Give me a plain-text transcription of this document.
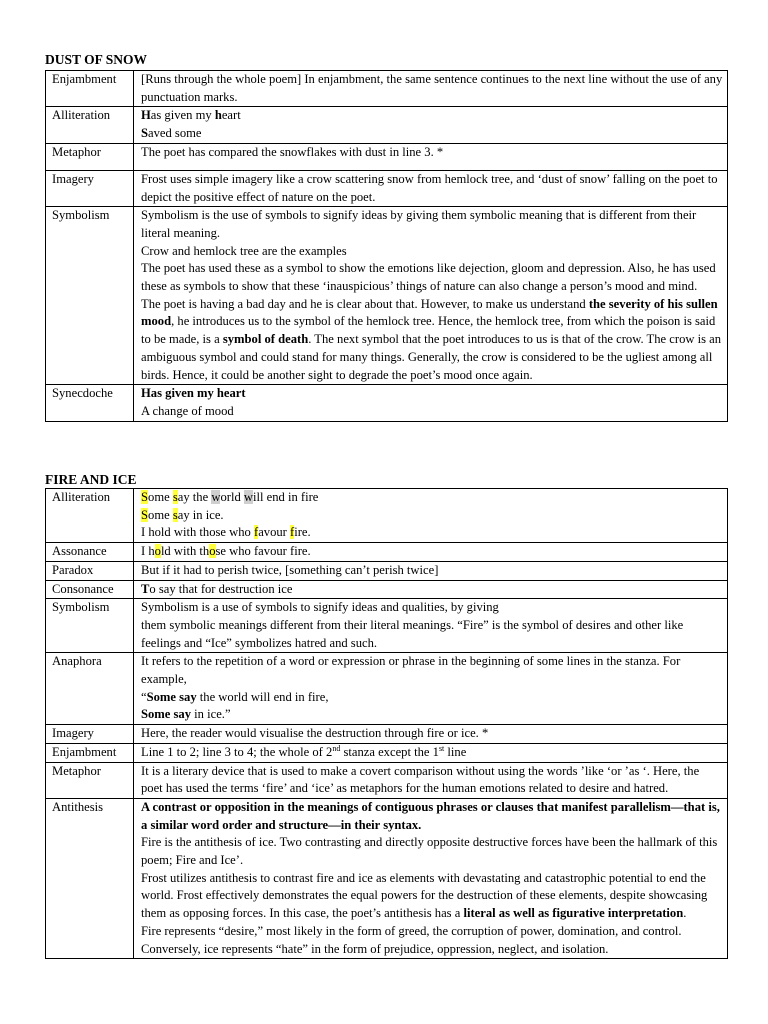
DUST OF SNOW
Enjambment	[Runs through the whole poem] In enjambment, the same sentence continues to the next line without the use of any punctuation marks.
Alliteration	Has given my heart
Saved some

Metaphor	The poet has compared the snowflakes with dust in line 3. *
Imagery	Frost uses simple imagery like a crow scattering snow from hemlock tree, and ‘dust of snow’ falling on the poet to depict the positive effect of nature on the poet.
Symbolism	Symbolism is the use of symbols to signify ideas by giving them symbolic meaning that is different from their literal meaning.
Crow and hemlock tree are the examples
The poet has used these as a symbol to show the emotions like dejection, gloom and depression. Also, he has used these as symbols to show that these ‘inauspicious’ things of nature can also change a person’s mood and mind.
The poet is having a bad day and he is clear about that. However, to make us understand the severity of his sullen mood, he introduces us to the symbol of the hemlock tree. Hence, the hemlock tree, from which the poison is said to be made, is a symbol of death. The next symbol that the poet introduces to us is that of the crow. The crow is an ambiguous symbol and could stand for many things. Generally, the crow is considered to be the ugliest among all birds. Hence, it could be another sight to degrade the poet’s mood once again.

Synecdoche	Has given my heart
A change of mood
FIRE AND ICE
Alliteration	Some say the world will end in fire
Some say in ice.
I hold with those who favour fire.

Assonance	I hold with those who favour fire.
Paradox	But if it had to perish twice, [something can’t perish twice]
Consonance	To say that for destruction ice
Symbolism	Symbolism is a use of symbols to signify ideas and qualities, by giving
them symbolic meanings different from their literal meanings. “Fire” is the symbol of desires and other like feelings and “Ice” symbolizes hatred and such.

Anaphora	It refers to the repetition of a word or expression or phrase in the beginning of some lines in the stanza. For example,
“Some say the world will end in fire,
Some say in ice.”

Imagery	Here, the reader would visualise the destruction through fire or ice. *
Enjambment	Line 1 to 2; line 3 to 4; the whole of 2nd stanza except the 1st line
Metaphor	It is a literary device that is used to make a covert comparison without using the words ’like ‘or ’as ‘. Here, the poet has used the terms ‘fire’ and ‘ice’ as metaphors for the human emotions related to desire and hatred.
Antithesis	A contrast or opposition in the meanings of contiguous phrases or clauses that manifest parallelism—that is, a similar word order and structure—in their syntax.
Fire is the antithesis of ice. Two contrasting and directly opposite destructive forces have been the hallmark of this poem; Fire and Ice’.
Frost utilizes antithesis to contrast fire and ice as elements with devastating and catastrophic potential to end the world. Frost effectively demonstrates the equal powers for the destruction of these elements, despite showcasing them as opposing forces. In this case, the poet’s antithesis has a literal as well as figurative interpretation.
Fire represents “desire,” most likely in the form of greed, the corruption of power, domination, and control. Conversely, ice represents “hate” in the form of prejudice, oppression, neglect, and isolation.
